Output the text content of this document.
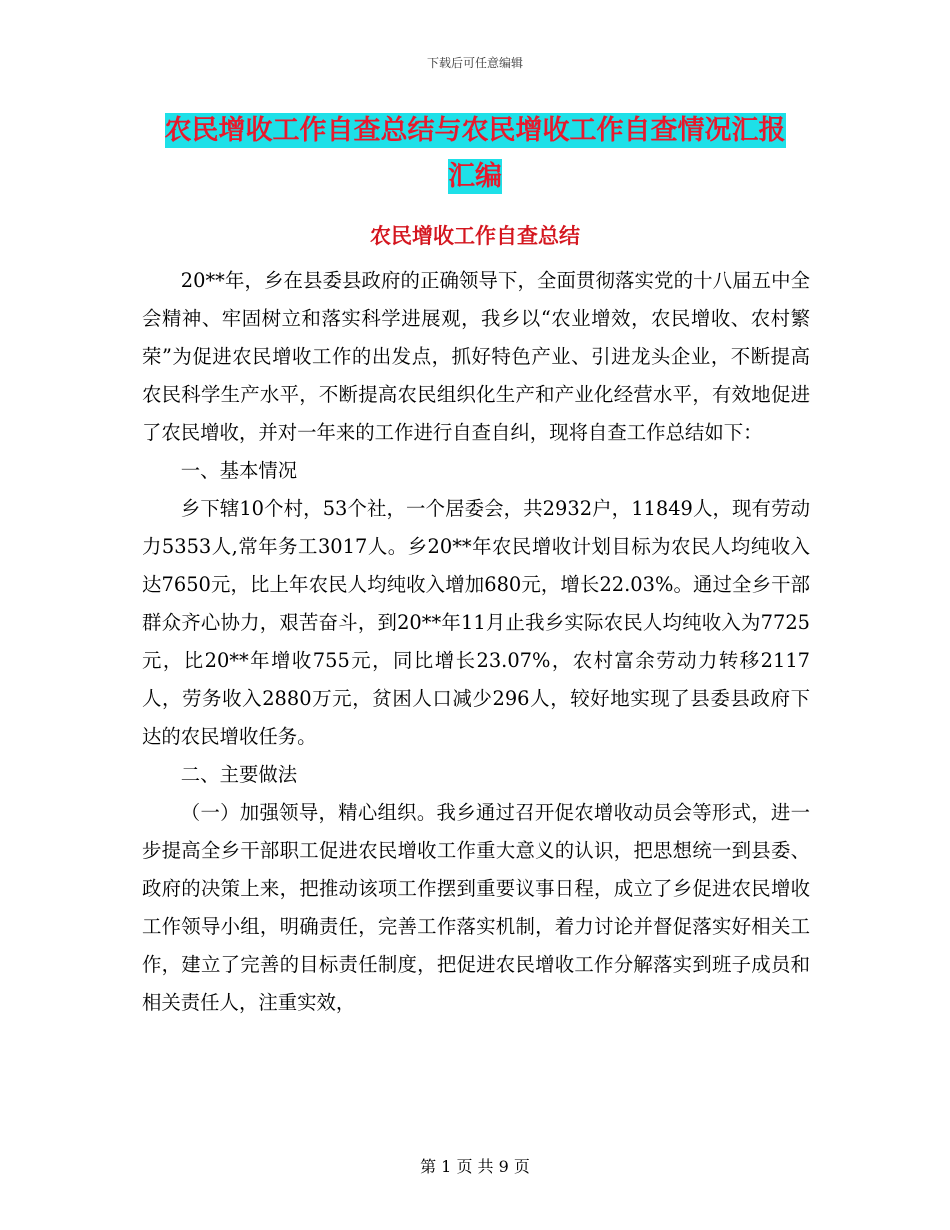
下载后可任意编辑
农民增收工作自查总结与农民增收工作自查情况汇报
汇编
农民增收工作自查总结

20**年，乡在县委县政府的正确领导下，全面贯彻落实党的十八届五中全会精神、牢固树立和落实科学进展观，我乡以“农业增效，农民增收、农村繁荣”为促进农民增收工作的出发点，抓好特色产业、引进龙头企业，不断提高农民科学生产水平，不断提高农民组织化生产和产业化经营水平，有效地促进了农民增收，并对一年来的工作进行自查自纠，现将自查工作总结如下：

一、基本情况

乡下辖10个村，53个社，一个居委会，共2932户，11849人，现有劳动力5353人,常年务工3017人。乡20**年农民增收计划目标为农民人均纯收入达7650元，比上年农民人均纯收入增加680元，增长22.03%。通过全乡干部群众齐心协力，艰苦奋斗，到20**年11月止我乡实际农民人均纯收入为7725元，比20**年增收755元，同比增长23.07%，农村富余劳动力转移2117人，劳务收入2880万元，贫困人口减少296人，较好地实现了县委县政府下达的农民增收任务。

二、主要做法

（一）加强领导，精心组织。我乡通过召开促农增收动员会等形式，进一步提高全乡干部职工促进农民增收工作重大意义的认识，把思想统一到县委、政府的决策上来，把推动该项工作摆到重要议事日程，成立了乡促进农民增收工作领导小组，明确责任，完善工作落实机制，着力讨论并督促落实好相关工作，建立了完善的目标责任制度，把促进农民增收工作分解落实到班子成员和相关责任人，注重实效，

第 1 页 共 9 页
